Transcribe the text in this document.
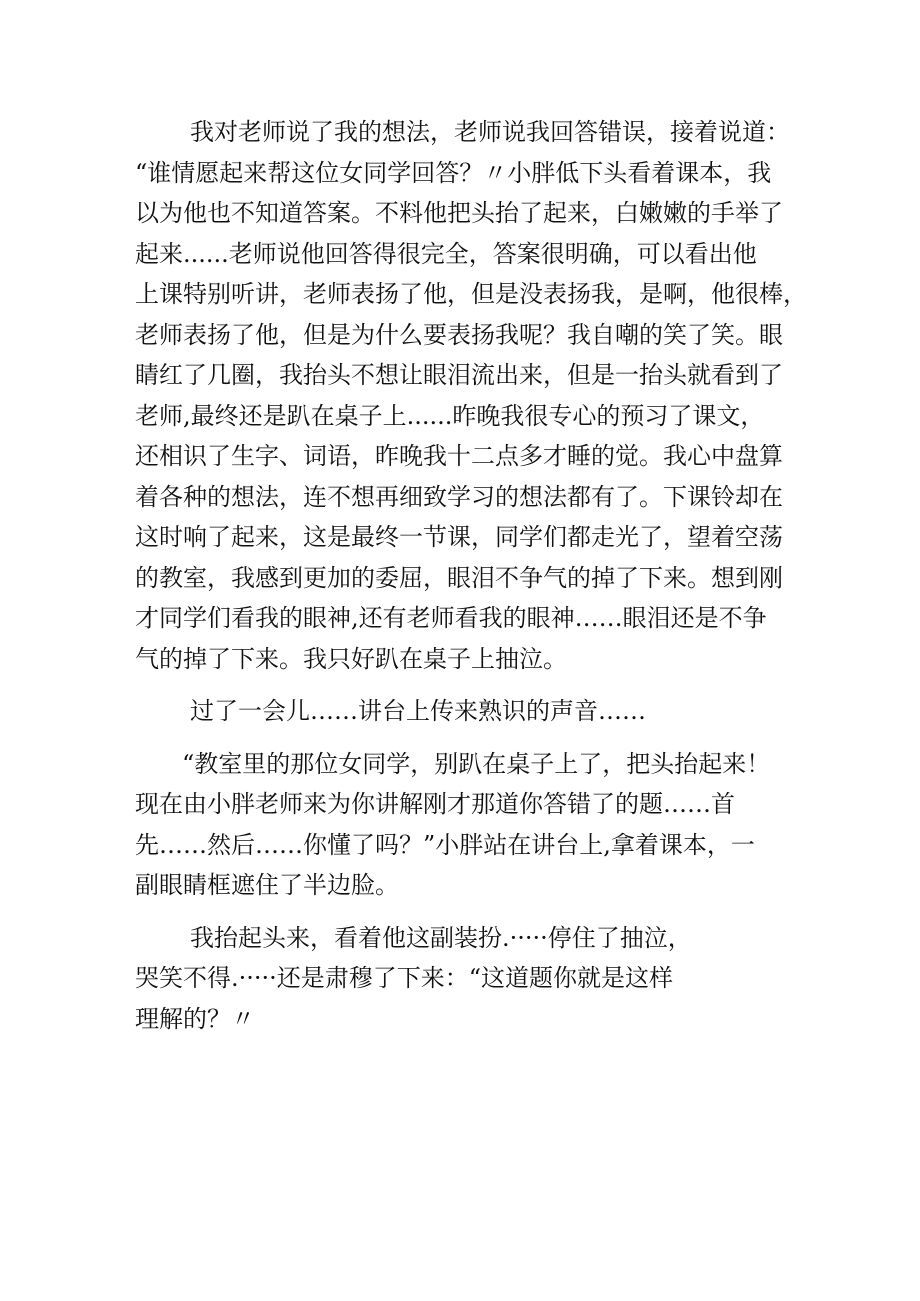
我对老师说了我的想法，老师说我回答错误，接着说道：
“谁情愿起来帮这位女同学回答？〃小胖低下头看着课本，我
以为他也不知道答案。不料他把头抬了起来，白嫩嫩的手举了
起来......老师说他回答得很完全，答案很明确，可以看出他
上课特别听讲，老师表扬了他，但是没表扬我，是啊，他很棒，
老师表扬了他，但是为什么要表扬我呢？我自嘲的笑了笑。眼
睛红了几圈，我抬头不想让眼泪流出来，但是一抬头就看到了
老师,最终还是趴在桌子上......昨晚我很专心的预习了课文，
还相识了生字、词语，昨晚我十二点多才睡的觉。我心中盘算
着各种的想法，连不想再细致学习的想法都有了。下课铃却在
这时响了起来，这是最终一节课，同学们都走光了，望着空荡
的教室，我感到更加的委屈，眼泪不争气的掉了下来。想到刚
才同学们看我的眼神,还有老师看我的眼神……眼泪还是不争
气的掉了下来。我只好趴在桌子上抽泣。
过了一会儿……讲台上传来熟识的声音……
“教室里的那位女同学，别趴在桌子上了，把头抬起来！
现在由小胖老师来为你讲解刚才那道你答错了的题……首
先……然后……你懂了吗？”小胖站在讲台上,拿着课本，一
副眼睛框遮住了半边脸。
我抬起头来，看着他这副装扮.·····停住了抽泣，
哭笑不得.·····还是肃穆了下来：“这道题你就是这样
理解的？〃
